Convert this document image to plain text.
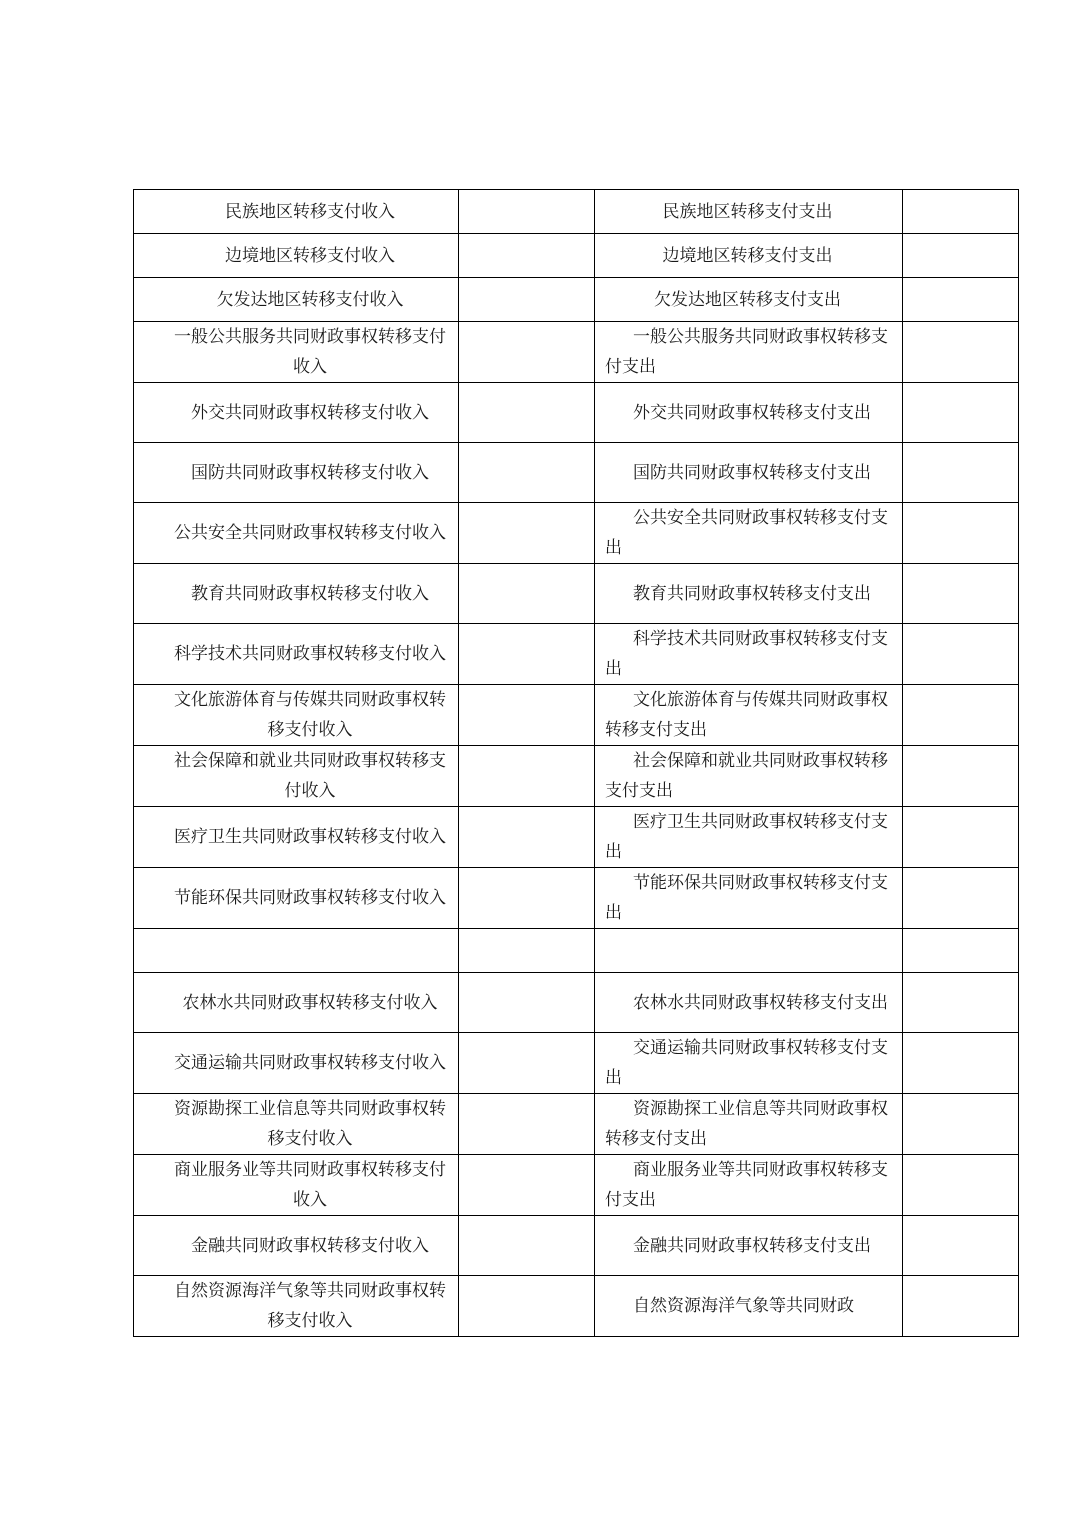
民族地区转移支付收入		民族地区转移支付支出	
边境地区转移支付收入		边境地区转移支付支出	
欠发达地区转移支付收入		欠发达地区转移支付支出	
一般公共服务共同财政事权转移支付收入		一般公共服务共同财政事权转移支付支出	
外交共同财政事权转移支付收入		外交共同财政事权转移支付支出	
国防共同财政事权转移支付收入		国防共同财政事权转移支付支出	
公共安全共同财政事权转移支付收入		公共安全共同财政事权转移支付支出	
教育共同财政事权转移支付收入		教育共同财政事权转移支付支出	
科学技术共同财政事权转移支付收入		科学技术共同财政事权转移支付支出	
文化旅游体育与传媒共同财政事权转移支付收入		文化旅游体育与传媒共同财政事权转移支付支出	
社会保障和就业共同财政事权转移支付收入		社会保障和就业共同财政事权转移支付支出	
医疗卫生共同财政事权转移支付收入		医疗卫生共同财政事权转移支付支出	
节能环保共同财政事权转移支付收入		节能环保共同财政事权转移支付支出	

农林水共同财政事权转移支付收入		农林水共同财政事权转移支付支出	
交通运输共同财政事权转移支付收入		交通运输共同财政事权转移支付支出	
资源勘探工业信息等共同财政事权转移支付收入		资源勘探工业信息等共同财政事权转移支付支出	
商业服务业等共同财政事权转移支付收入		商业服务业等共同财政事权转移支付支出	
金融共同财政事权转移支付收入		金融共同财政事权转移支付支出	
自然资源海洋气象等共同财政事权转移支付收入		自然资源海洋气象等共同财政	
